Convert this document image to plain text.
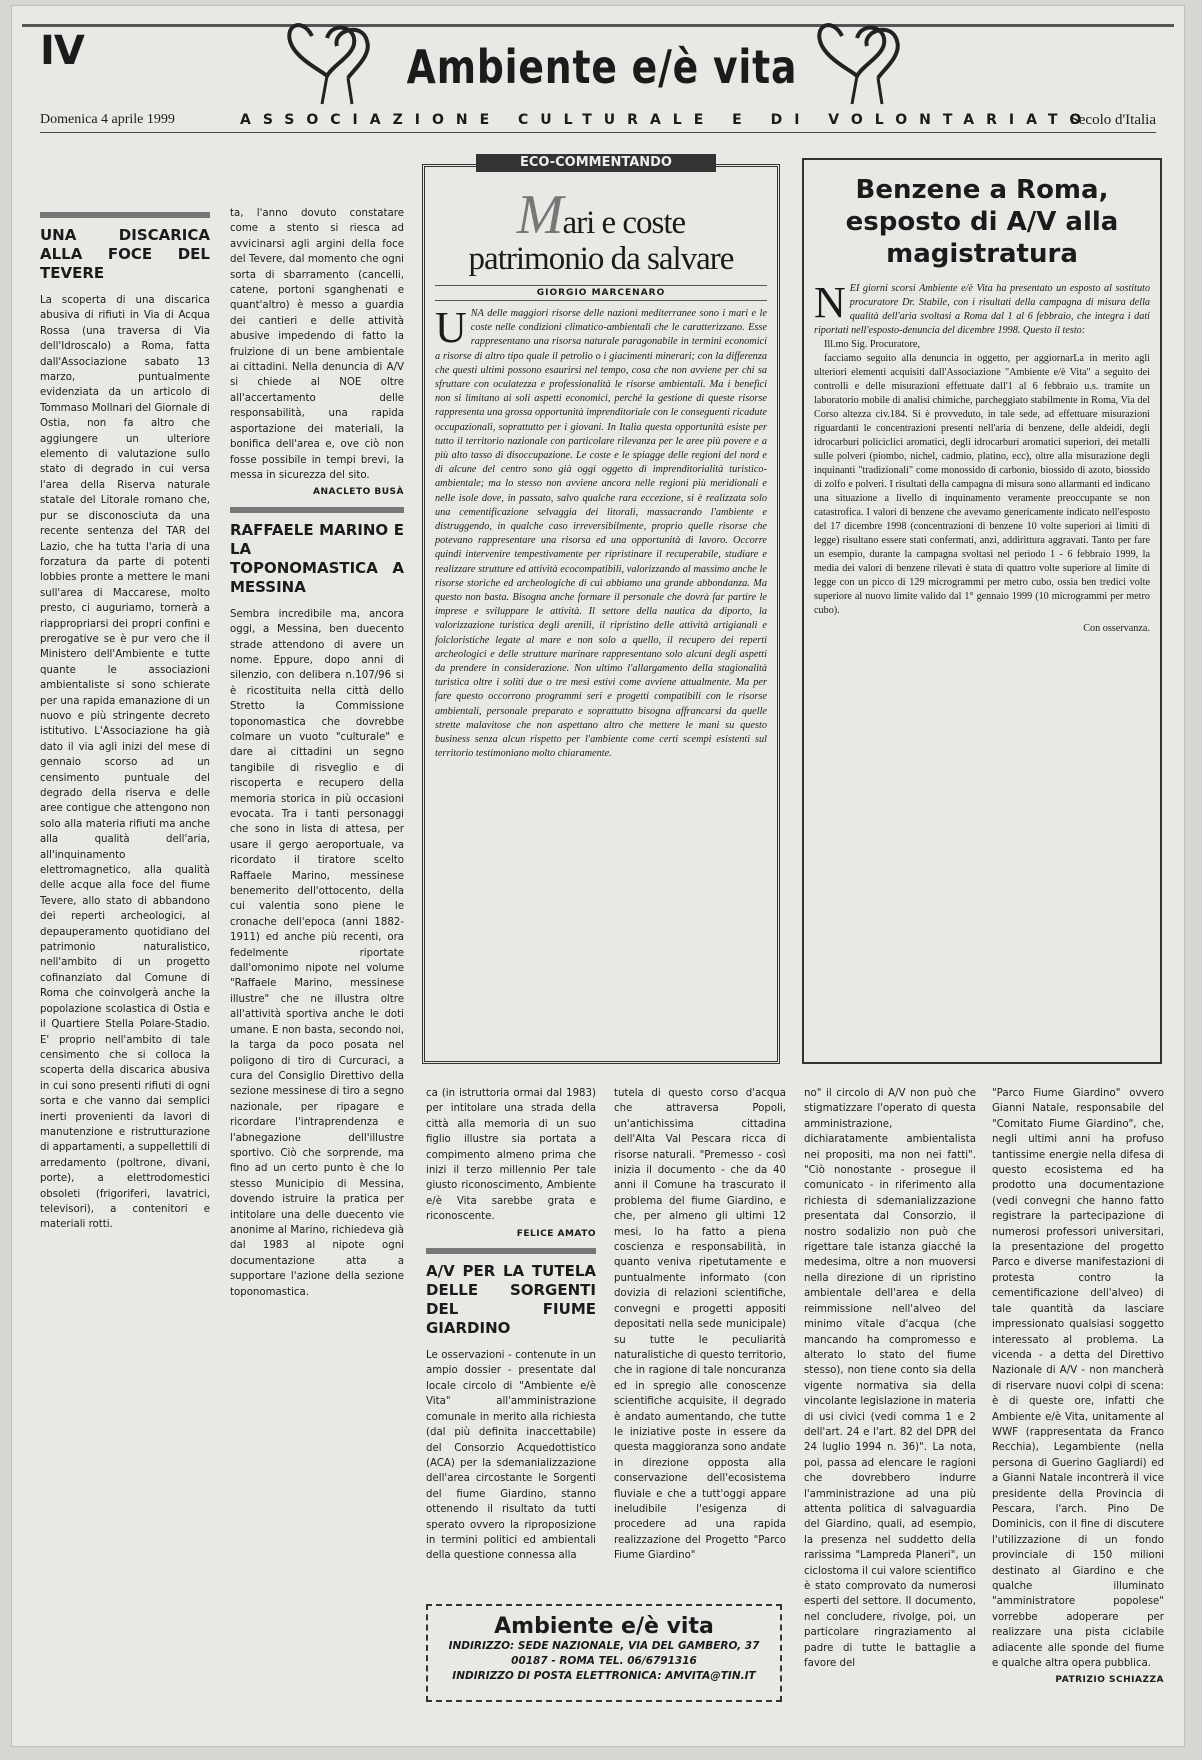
IV	Ambiente e/è vita
Domenica 4 aprile 1999	ASSOCIAZIONE CULTURALE E DI VOLONTARIATO
Secolo d'Italia
UNA DISCARICA ALLA FOCE DEL TEVERE

La scoperta di una discarica abusiva di rifiuti in Via di Acqua Rossa (una traversa di Via dell'Idroscalo) a Roma, fatta dall'Associazione sabato 13 marzo, puntualmente evidenziata da un articolo di Tommaso Mollnari del Giornale di Ostia, non fa altro che aggiungere un ulteriore elemento di valutazione sullo stato di degrado in cui versa l'area della Riserva naturale statale del Litorale romano che, pur se disconosciuta da una recente sentenza del TAR del Lazio, che ha tutta l'aria di una forzatura da parte di potenti lobbies pronte a mettere le mani sull'area di Maccarese, molto presto, ci auguriamo, tornerà a riappropriarsi dei propri confini e prerogative se è pur vero che il Ministero dell'Ambiente e tutte quante le associazioni ambientaliste si sono schierate per una rapida emanazione di un nuovo e più stringente decreto istitutivo. L'Associazione ha già dato il via agli inizi del mese di gennaio scorso ad un censimento puntuale del degrado della riserva e delle aree contigue che attengono non solo alla materia rifiuti ma anche alla qualità dell'aria, all'inquinamento elettromagnetico, alla qualità delle acque alla foce del fiume Tevere, allo stato di abbandono dei reperti archeologici, al depauperamento quotidiano del patrimonio naturalistico, nell'ambito di un progetto cofinanziato dal Comune di Roma che coinvolgerà anche la popolazione scolastica di Ostia e il Quartiere Stella Polare-Stadio. E' proprio nell'ambito di tale censimento che si colloca la scoperta della discarica abusiva in cui sono presenti rifiuti di ogni sorta e che vanno dai semplici inerti provenienti da lavori di manutenzione e ristrutturazione di appartamenti, a suppellettili di arredamento (poltrone, divani, porte), a elettrodomestici obsoleti (frigoriferi, lavatrici, televisori), a contenitori e materiali rotti.

ta, l'anno dovuto constatare come a stento si riesca ad avvicinarsi agli argini della foce del Tevere, dal momento che ogni sorta di sbarramento (cancelli, catene, portoni sganghenati e quant'altro) è messo a guardia dei cantieri e delle attività abusive impedendo di fatto la fruizione di un bene ambientale ai cittadini. Nella denuncia di A/V si chiede al NOE oltre all'accertamento delle responsabilità, una rapida asportazione dei materiali, la bonifica dell'area e, ove ciò non fosse possibile in tempi brevi, la messa in sicurezza del sito.

ANACLETO BUSÀ
RAFFAELE MARINO E LA TOPONOMASTICA A MESSINA

Sembra incredibile ma, ancora oggi, a Messina, ben duecento strade attendono di avere un nome. Eppure, dopo anni di silenzio, con delibera n.107/96 si è ricostituita nella città dello Stretto la Commissione toponomastica che dovrebbe colmare un vuoto "culturale" e dare ai cittadini un segno tangibile di risveglio e di riscoperta e recupero della memoria storica in più occasioni evocata. Tra i tanti personaggi che sono in lista di attesa, per usare il gergo aeroportuale, va ricordato il tiratore scelto Raffaele Marino, messinese benemerito dell'ottocento, della cui valentia sono piene le cronache dell'epoca (anni 1882-1911) ed anche più recenti, ora fedelmente riportate dall'omonimo nipote nel volume "Raffaele Marino, messinese illustre" che ne illustra oltre all'attività sportiva anche le doti umane. E non basta, secondo noi, la targa da poco posata nel poligono di tiro di Curcuraci, a cura del Consiglio Direttivo della sezione messinese di tiro a segno nazionale, per ripagare e ricordare l'intraprendenza e l'abnegazione dell'illustre sportivo. Ciò che sorprende, ma fino ad un certo punto è che lo stesso Municipio di Messina, dovendo istruire la pratica per intitolare una delle duecento vie anonime al Marino, richiedeva già dal 1983 al nipote ogni documentazione atta a supportare l'azione della sezione toponomastica.

ECO-COMMENTANDO
Mari e coste
patrimonio da salvare
GIORGIO MARCENARO
U NA delle maggiori risorse delle nazioni mediterranee sono i mari e le coste nelle condizioni climatico-ambientali che le caratterizzano. Esse rappresentano una risorsa naturale paragonabile in termini economici a risorse di altro tipo quale il petrolio o i giacimenti minerari; con la differenza che questi ultimi possono esaurirsi nel tempo, cosa che non avviene per chi sa sfruttare con oculatezza e professionalità le risorse ambientali. Ma i benefici non si limitano ai soli aspetti economici, perché la gestione di queste risorse rappresenta una grossa opportunità imprenditoriale con le conseguenti ricadute occupazionali, soprattutto per i giovani. In Italia questa opportunità esiste per tutto il territorio nazionale con particolare rilevanza per le aree più povere e a più alto tasso di disoccupazione. Le coste e le spiagge delle regioni del nord e di alcune del centro sono già oggi oggetto di imprenditorialità turistico-ambientale; ma lo stesso non avviene ancora nelle regioni più meridionali e nelle isole dove, in passato, salvo qualche rara eccezione, si è realizzata solo una cementificazione selvaggia dei litorali, massacrando l'ambiente e distruggendo, in qualche caso irreversibilmente, proprio quelle risorse che potevano rappresentare una risorsa ed una opportunità di lavoro. Occorre quindi intervenire tempestivamente per ripristinare il recuperabile, studiare e realizzare strutture ed attività ecocompatibili, valorizzando al massimo anche le risorse storiche ed archeologiche di cui abbiamo una grande abbondanza. Ma questo non basta. Bisogna anche formare il personale che dovrà far partire le imprese e sviluppare le attività. Il settore della nautica da diporto, la valorizzazione turistica degli arenili, il ripristino delle attività artigianali e folcloristiche legate al mare e non solo a quello, il recupero dei reperti archeologici e delle strutture marinare rappresentano solo alcuni degli aspetti da prendere in considerazione. Non ultimo l'allargamento della stagionalità turistica oltre i soliti due o tre mesi estivi come avviene attualmente. Ma per fare questo occorrono programmi seri e progetti compatibili con le risorse ambientali, personale preparato e soprattutto bisogna affrancarsi da quelle strette malavitose che non aspettano altro che mettere le mani su questo business senza alcun rispetto per l'ambiente come certi scempi esistenti sul territorio testimoniano molto chiaramente.

Benzene a Roma, esposto di A/V alla magistratura
N EI giorni scorsi Ambiente e/è Vita ha presentato un esposto al sostituto procuratore Dr. Stabile, con i risultati della campagna di misura della qualità dell'aria svoltasi a Roma dal 1 al 6 febbraio, che integra i dati riportati nell'esposto-denuncia del dicembre 1998. Questo il testo:

Ill.mo Sig. Procuratore,

facciamo seguito alla denuncia in oggetto, per aggiornarLa in merito agli ulteriori elementi acquisiti dall'Associazione "Ambiente e/è Vita" a seguito dei controlli e delle misurazioni effettuate dall'1 al 6 febbraio u.s. tramite un laboratorio mobile di analisi chimiche, parcheggiato stabilmente in Roma, Via del Corso altezza civ.184. Si è provveduto, in tale sede, ad effettuare misurazioni riguardanti le concentrazioni presenti nell'aria di benzene, delle aldeidi, degli idrocarburi policiclici aromatici, degli idrocarburi aromatici superiori, dei metalli sulle polveri (piombo, nichel, cadmio, platino, ecc), oltre alla misurazione degli inquinanti "tradizionali" come monossido di carbonio, biossido di azoto, biossido di zolfo e polveri. I risultati della campagna di misura sono allarmanti ed indicano una situazione a livello di inquinamento veramente preoccupante se non catastrofica. I valori di benzene che avevamo genericamente indicato nell'esposto del 17 dicembre 1998 (concentrazioni di benzene 10 volte superiori ai limiti di legge) risultano essere stati confermati, anzi, addirittura aggravati. Tanto per fare un esempio, durante la campagna svoltasi nel periodo 1 - 6 febbraio 1999, la media dei valori di benzene rilevati è stata di quattro volte superiore al limite di legge con un picco di 129 microgrammi per metro cubo, ossia ben tredici volte superiore al nuovo limite valido dal 1° gennaio 1999 (10 microgrammi per metro cubo).

Con osservanza.

ca (in istruttoria ormai dal 1983) per intitolare una strada della città alla memoria di un suo figlio illustre sia portata a compimento almeno prima che inizi il terzo millennio Per tale giusto riconoscimento, Ambiente e/è Vita sarebbe grata e riconoscente.

FELICE AMATO
A/V PER LA TUTELA DELLE SORGENTI DEL FIUME GIARDINO

Le osservazioni - contenute in un ampio dossier - presentate dal locale circolo di "Ambiente e/è Vita" all'amministrazione comunale in merito alla richiesta (dal più definita inaccettabile) del Consorzio Acquedottistico (ACA) per la sdemanializzazione dell'area circostante le Sorgenti del fiume Giardino, stanno ottenendo il risultato da tutti sperato ovvero la riproposizione in termini politici ed ambientali della questione connessa alla

tutela di questo corso d'acqua che attraversa Popoli, un'antichissima cittadina dell'Alta Val Pescara ricca di risorse naturali. "Premesso - così inizia il documento - che da 40 anni il Comune ha trascurato il problema del fiume Giardino, e che, per almeno gli ultimi 12 mesi, lo ha fatto a piena coscienza e responsabilità, in quanto veniva ripetutamente e puntualmente informato (con dovizia di relazioni scientifiche, convegni e progetti appositi depositati nella sede municipale) su tutte le peculiarità naturalistiche di questo territorio, che in ragione di tale noncuranza ed in spregio alle conoscenze scientifiche acquisite, il degrado è andato aumentando, che tutte le iniziative poste in essere da questa maggioranza sono andate in direzione opposta alla conservazione dell'ecosistema fluviale e che a tutt'oggi appare ineludibile l'esigenza di procedere ad una rapida realizzazione del Progetto "Parco Fiume Giardino"

no" il circolo di A/V non può che stigmatizzare l'operato di questa amministrazione, dichiaratamente ambientalista nei propositi, ma non nei fatti". "Ciò nonostante - prosegue il comunicato - in riferimento alla richiesta di sdemanializzazione presentata dal Consorzio, il nostro sodalizio non può che rigettare tale istanza giacché la medesima, oltre a non muoversi nella direzione di un ripristino ambientale dell'area e della reimmissione nell'alveo del minimo vitale d'acqua (che mancando ha compromesso e alterato lo stato del fiume stesso), non tiene conto sia della vigente normativa sia della vincolante legislazione in materia di usi civici (vedi comma 1 e 2 dell'art. 24 e l'art. 82 del DPR del 24 luglio 1994 n. 36)". La nota, poi, passa ad elencare le ragioni che dovrebbero indurre l'amministrazione ad una più attenta politica di salvaguardia del Giardino, quali, ad esempio, la presenza nel suddetto della rarissima "Lampreda Planeri", un ciclostoma il cui valore scientifico è stato comprovato da numerosi esperti del settore. Il documento, nel concludere, rivolge, poi, un particolare ringraziamento al padre di tutte le battaglie a favore del

"Parco Fiume Giardino" ovvero Gianni Natale, responsabile del "Comitato Fiume Giardino", che, negli ultimi anni ha profuso tantissime energie nella difesa di questo ecosistema ed ha prodotto una documentazione (vedi convegni che hanno fatto registrare la partecipazione di numerosi professori universitari, la presentazione del progetto Parco e diverse manifestazioni di protesta contro la cementificazione dell'alveo) di tale quantità da lasciare impressionato qualsiasi soggetto interessato al problema. La vicenda - a detta del Direttivo Nazionale di A/V - non mancherà di riservare nuovi colpi di scena: è di queste ore, infatti che Ambiente e/è Vita, unitamente al WWF (rappresentata da Franco Recchia), Legambiente (nella persona di Guerino Gagliardi) ed a Gianni Natale incontrerà il vice presidente della Provincia di Pescara, l'arch. Pino De Dominicis, con il fine di discutere l'utilizzazione di un fondo provinciale di 150 milioni destinato al Giardino e che qualche illuminato "amministratore popolese" vorrebbe adoperare per realizzare una pista ciclabile adiacente alle sponde del fiume e qualche altra opera pubblica.

PATRIZIO SCHIAZZA
Ambiente e/è vita
INDIRIZZO: SEDE NAZIONALE, VIA DEL GAMBERO, 37
00187 - ROMA TEL. 06/6791316
INDIRIZZO DI POSTA ELETTRONICA: AMVITA@TIN.IT
